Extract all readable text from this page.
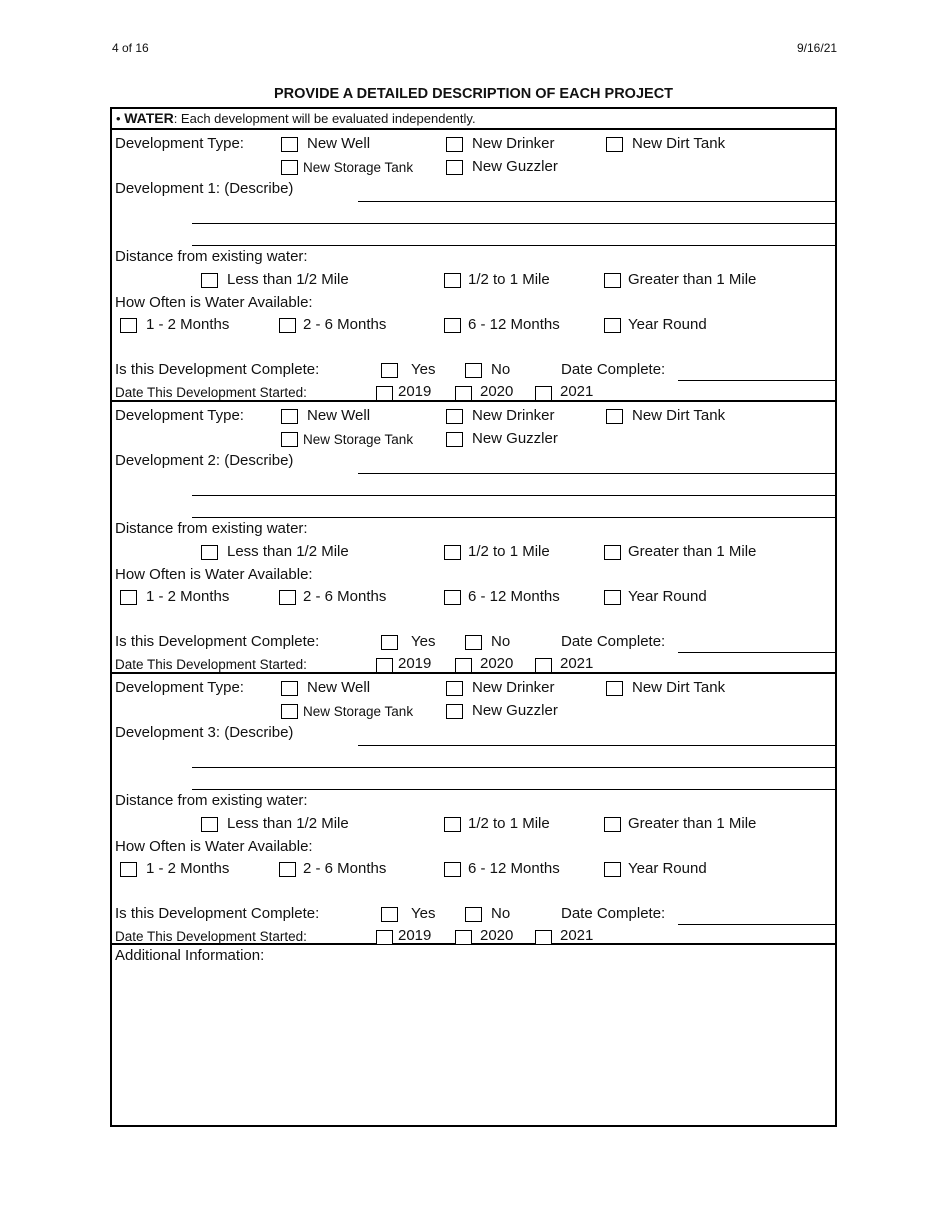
4 of 16	9/16/21
PROVIDE A DETAILED DESCRIPTION OF EACH PROJECT
• WATER: Each development will be evaluated independently.
Development Type:	New Well	New Drinker	New Dirt Tank
New Storage Tank	New Guzzler
Development 1: (Describe)
Distance from existing water:
Less than 1/2 Mile	1/2 to 1 Mile	Greater than 1 Mile
How Often is Water Available:
1 - 2 Months	2 - 6 Months	6 - 12 Months	Year Round
Is this Development Complete:	Yes	No	Date Complete:
Date This Development Started:	2019	2020	2021
Development Type:	New Well	New Drinker	New Dirt Tank
New Storage Tank	New Guzzler
Development 2: (Describe)
Distance from existing water:
Less than 1/2 Mile	1/2 to 1 Mile	Greater than 1 Mile
How Often is Water Available:
1 - 2 Months	2 - 6 Months	6 - 12 Months	Year Round
Is this Development Complete:	Yes	No	Date Complete:
Date This Development Started:	2019	2020	2021
Development Type:	New Well	New Drinker	New Dirt Tank
New Storage Tank	New Guzzler
Development 3: (Describe)
Distance from existing water:
Less than 1/2 Mile	1/2 to 1 Mile	Greater than 1 Mile
How Often is Water Available:
1 - 2 Months	2 - 6 Months	6 - 12 Months	Year Round
Is this Development Complete:	Yes	No	Date Complete:
Date This Development Started:	2019	2020	2021
Additional Information:
